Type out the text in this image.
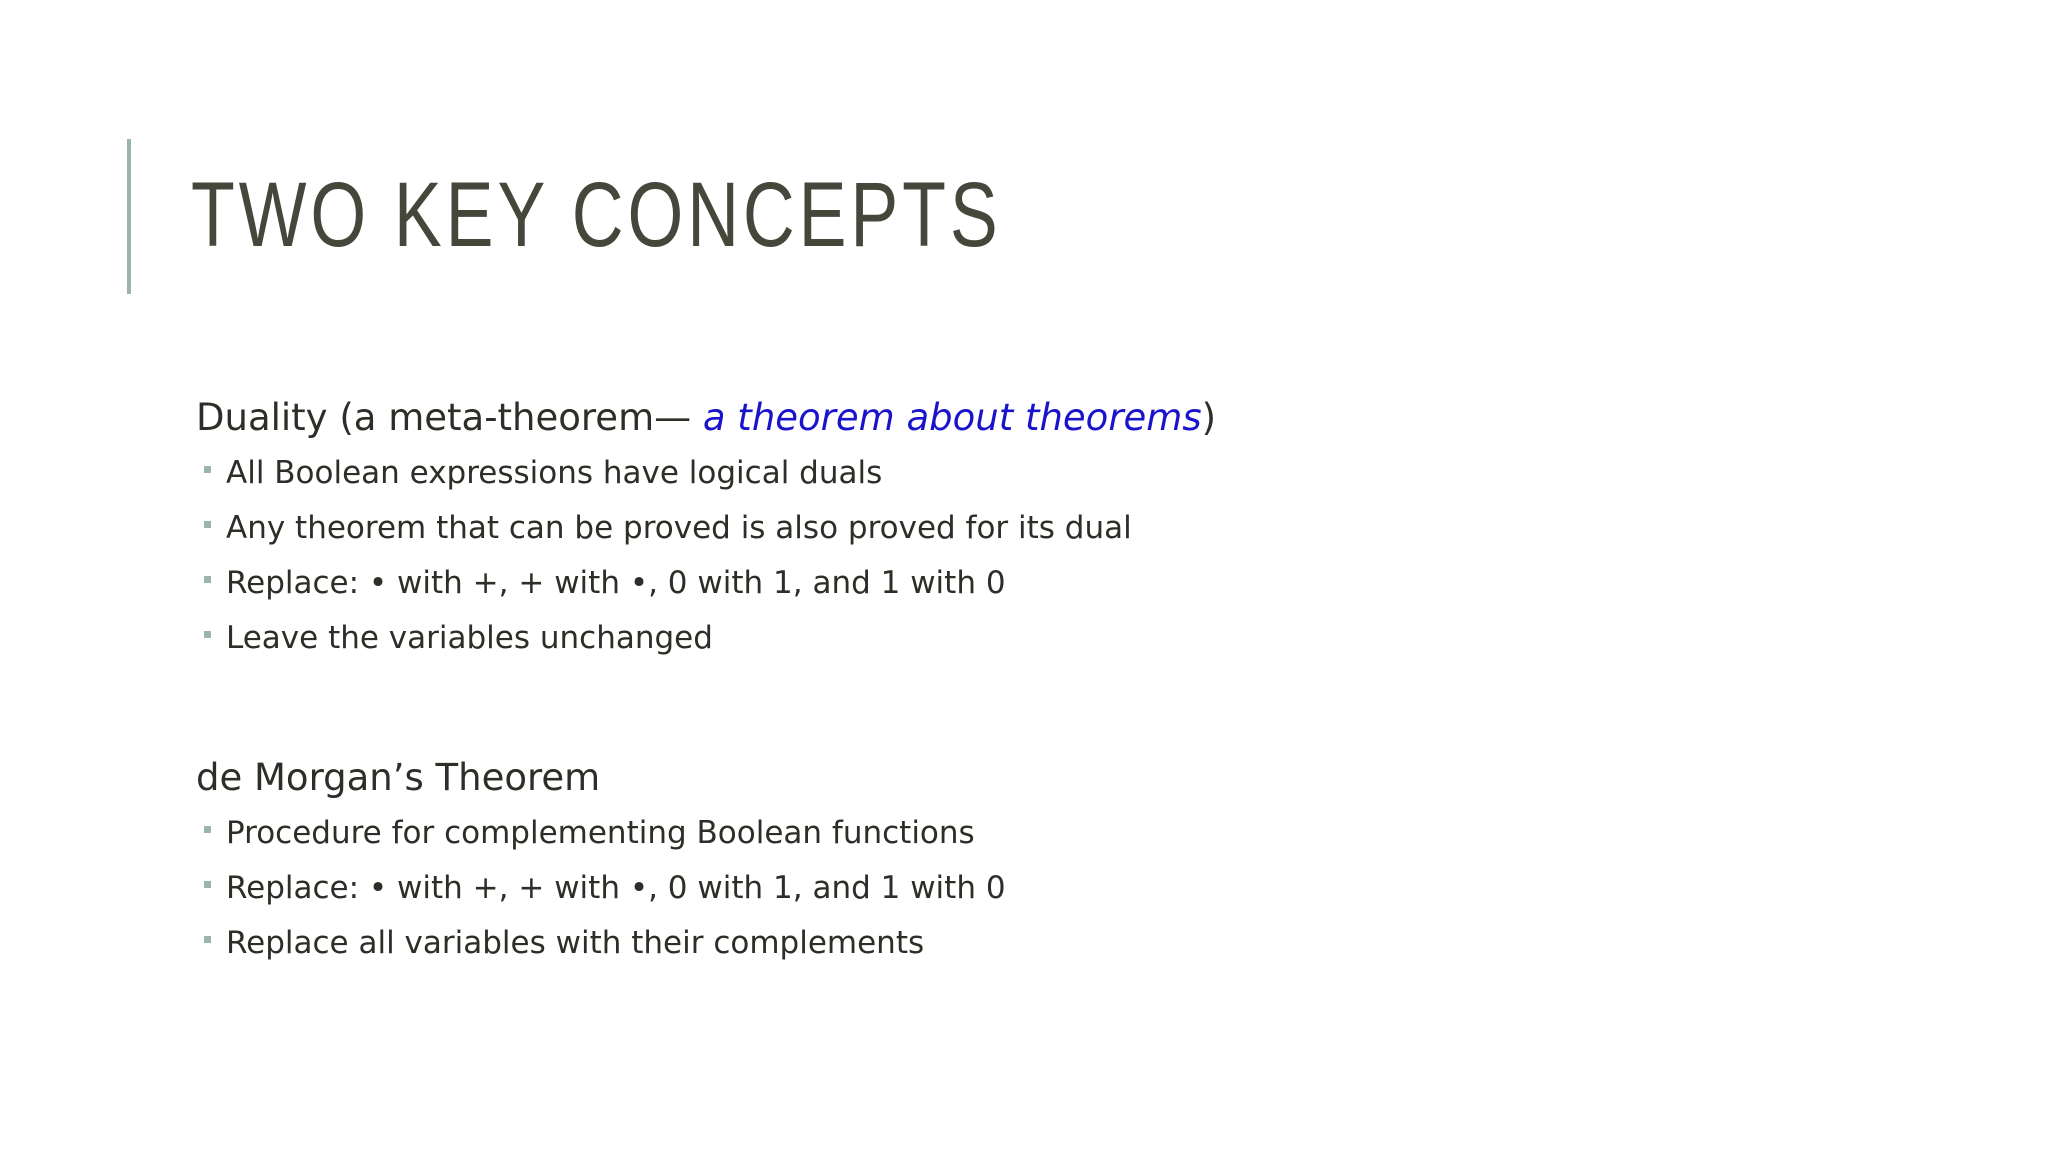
TWO KEY CONCEPTS
Duality (a meta-theorem— a theorem about theorems)
All Boolean expressions have logical duals
Any theorem that can be proved is also proved for its dual
Replace: • with +, + with •, 0 with 1, and 1 with 0
Leave the variables unchanged
de Morgan’s Theorem
Procedure for complementing Boolean functions
Replace: • with +, + with •, 0 with 1, and 1 with 0
Replace all variables with their complements
